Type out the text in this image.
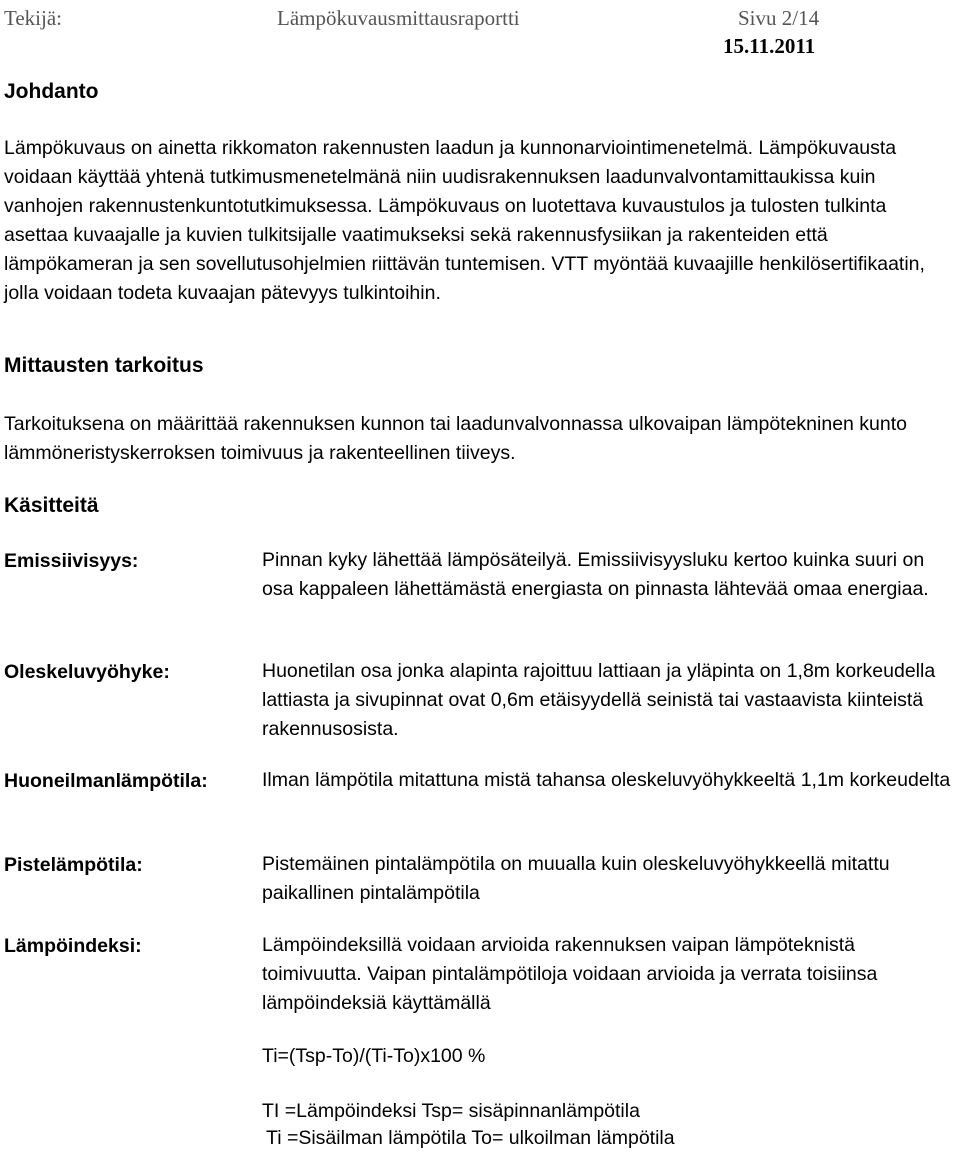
Tekijä:	Lämpökuvausmittausraportti	Sivu 2/14
15.11.2011
Johdanto

Lämpökuvaus on ainetta rikkomaton rakennusten laadun ja kunnonarviointimenetelmä. Lämpökuvausta voidaan käyttää yhtenä tutkimusmenetelmänä niin uudisrakennuksen laadunvalvontamittaukissa kuin vanhojen rakennustenkuntotutkimuksessa. Lämpökuvaus on luotettava kuvaustulos ja tulosten tulkinta asettaa kuvaajalle ja kuvien tulkitsijalle vaatimukseksi sekä rakennusfysiikan ja rakenteiden että lämpökameran ja sen sovellutusohjelmien riittävän tuntemisen. VTT myöntää kuvaajille henkilösertifikaatin, jolla voidaan todeta kuvaajan pätevyys tulkintoihin.

Mittausten tarkoitus

Tarkoituksena on määrittää rakennuksen kunnon tai laadunvalvonnassa ulkovaipan lämpötekninen kunto lämmöneristyskerroksen toimivuus ja rakenteellinen tiiveys.

Käsitteitä
Emissiivisyys:	Pinnan kyky lähettää lämpösäteilyä. Emissiivisyysluku kertoo kuinka suuri on osa kappaleen lähettämästä energiasta on pinnasta lähtevää omaa energiaa.

Oleskeluvyöhyke:	Huonetilan osa jonka alapinta rajoittuu lattiaan ja yläpinta on 1,8m korkeudella lattiasta ja sivupinnat ovat 0,6m etäisyydellä seinistä tai vastaavista kiinteistä rakennusosista.

Huoneilmanlämpötila:	Ilman lämpötila mitattuna mistä tahansa oleskeluvyöhykkeeltä 1,1m korkeudelta

Pistelämpötila:	Pistemäinen pintalämpötila on muualla kuin oleskeluvyöhykkeellä mitattu paikallinen pintalämpötila

Lämpöindeksi:	Lämpöindeksillä voidaan arvioida rakennuksen vaipan lämpöteknistä toimivuutta. Vaipan pintalämpötiloja voidaan arvioida ja verrata toisiinsa lämpöindeksiä käyttämällä

Ti=(Tsp-To)/(Ti-To)x100 %
TI =Lämpöindeksi Tsp= sisäpinnanlämpötila
Ti =Sisäilman lämpötila To= ulkoilman lämpötila
